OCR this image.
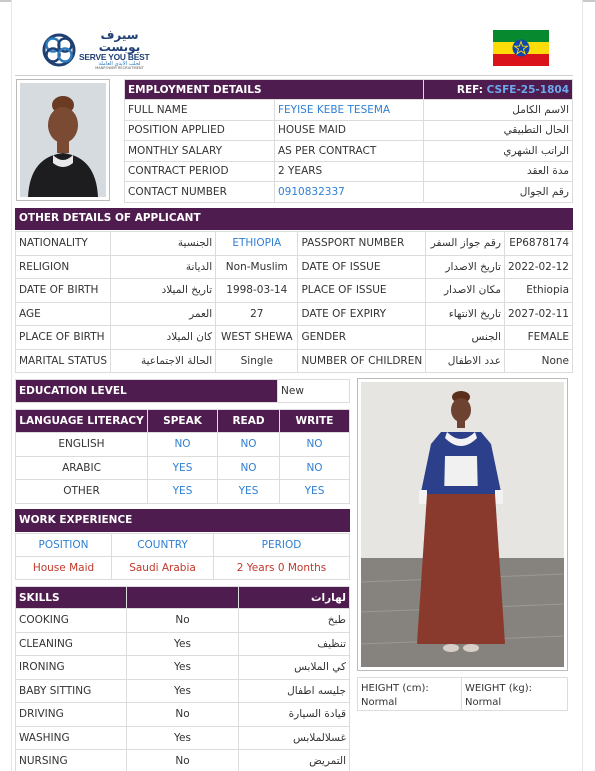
سيرف يوبست
SERVE YOU BEST
لجلب الأيدي العاملة
MANPOWER RECRUITMENT
EMPLOYMENT DETAILS		REF: CSFE-25-1804
FULL NAME	FEYISE KEBE TESEMA	الاسم الكامل
POSITION APPLIED	HOUSE MAID	الحال التطبيقي
MONTHLY SALARY	AS PER CONTRACT	الراتب الشهري
CONTRACT PERIOD	2 YEARS	مدة العقد
CONTACT NUMBER	0910832337	رقم الجوال
OTHER DETAILS OF APPLICANT
NATIONALITY	الجنسية	ETHIOPIA	PASSPORT NUMBER	رقم جواز السفر	EP6878174
RELIGION	الديانة	Non-Muslim	DATE OF ISSUE	تاريخ الاصدار	2022-02-12
DATE OF BIRTH	تاريخ الميلاد	1998-03-14	PLACE OF ISSUE	مكان الاصدار	Ethiopia
AGE	العمر	27	DATE OF EXPIRY	تاريخ الانتهاء	2027-02-11
PLACE OF BIRTH	كان الميلاد	WEST SHEWA	GENDER	الجنس	FEMALE
MARITAL STATUS	الحالة الاجتماعية	Single	NUMBER OF CHILDREN	عدد الاطفال	None
EDUCATION LEVEL	New
LANGUAGE LITERACY	SPEAK	READ	WRITE
ENGLISH	NO	NO	NO
ARABIC	YES	NO	NO
OTHER	YES	YES	YES
WORK EXPERIENCE
POSITION	COUNTRY	PERIOD
House Maid	Saudi Arabia	2 Years 0 Months
SKILLS		لهارات
COOKING	No	طبخ
CLEANING	Yes	تنظيف
IRONING	Yes	كي الملابس
BABY SITTING	Yes	جليسه اطفال
DRIVING	No	قيادة السيارة
WASHING	Yes	غسلالملابس
NURSING	No	التمريض
HEIGHT (cm):
Normal

WEIGHT (kg):
Normal
